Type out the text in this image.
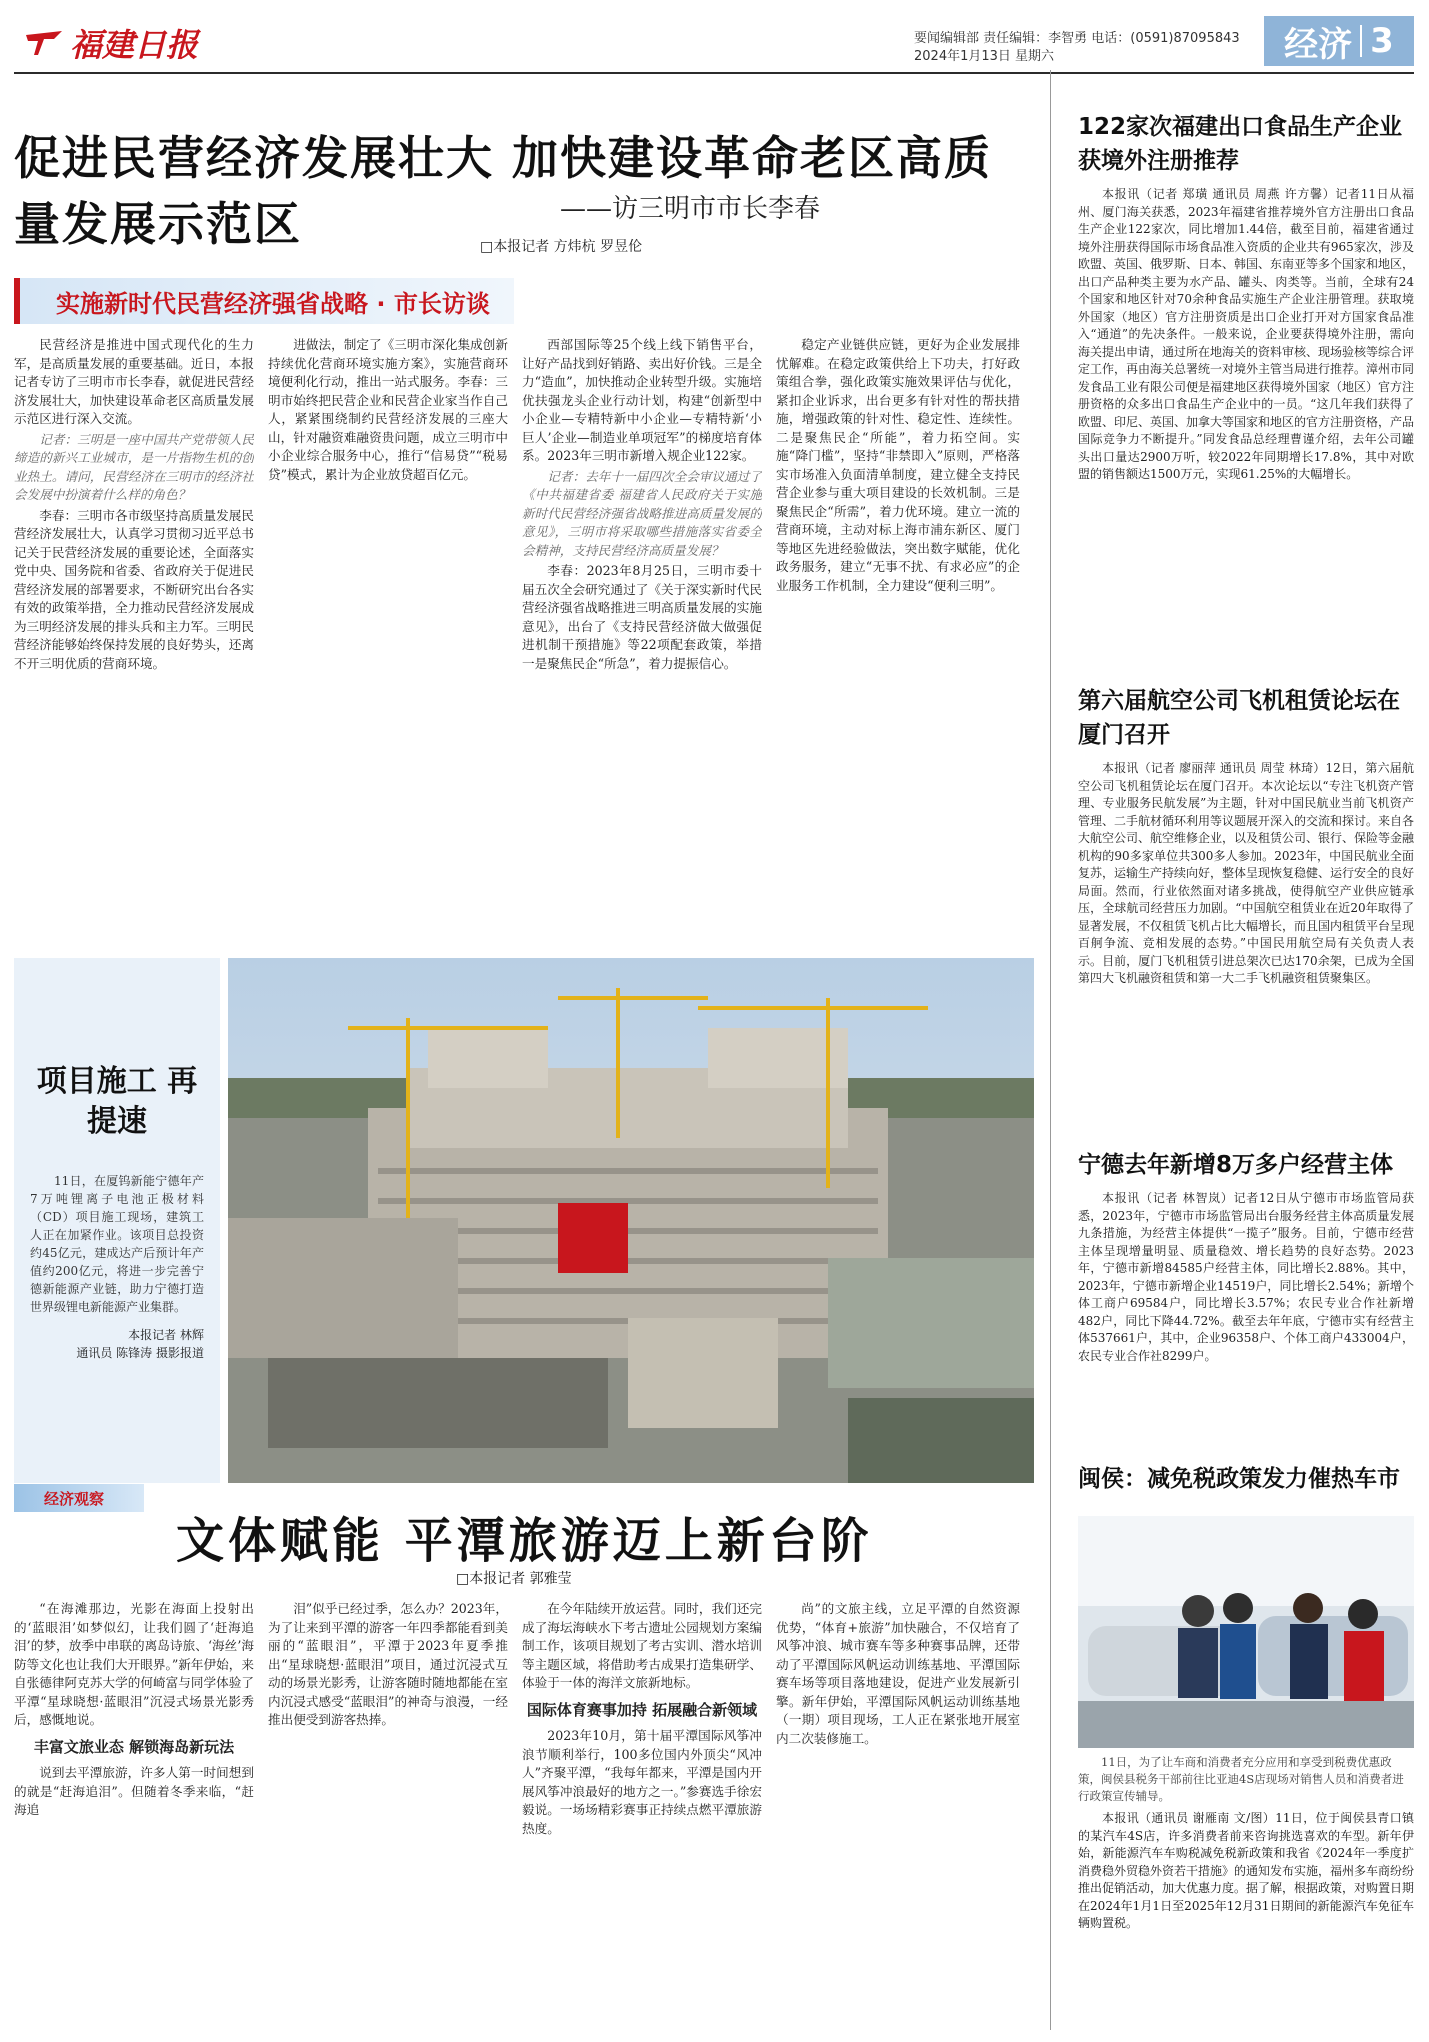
福建日报	要闻编辑部 责任编辑：李智勇 电话：(0591)87095843
2024年1月13日 星期六	经济 3
促进民营经济发展壮大 加快建设革命老区高质量发展示范区	——访三明市市长李春
□本报记者 方炜杭 罗昱伦
实施新时代民营经济强省战略 · 市长访谈

民营经济是推进中国式现代化的生力军，是高质量发展的重要基础。近日，本报记者专访了三明市市长李春，就促进民营经济发展壮大，加快建设革命老区高质量发展示范区进行深入交流。

记者：三明是一座中国共产党带领人民缔造的新兴工业城市，是一片指物生机的创业热土。请问，民营经济在三明市的经济社会发展中扮演着什么样的角色？

李春：三明市各市级坚持高质量发展民营经济发展壮大，认真学习贯彻习近平总书记关于民营经济发展的重要论述，全面落实党中央、国务院和省委、省政府关于促进民营经济发展的部署要求，不断研究出台各实有效的政策举措，全力推动民营经济发展成为三明经济发展的排头兵和主力军。三明民营经济能够始终保持发展的良好势头，还离不开三明优质的营商环境。

进做法，制定了《三明市深化集成创新持续优化营商环境实施方案》，实施营商环境便利化行动，推出一站式服务。李春：三明市始终把民营企业和民营企业家当作自己人，紧紧围绕制约民营经济发展的三座大山，针对融资难融资贵问题，成立三明市中小企业综合服务中心，推行“信易贷”“税易贷”模式，累计为企业放贷超百亿元。

西部国际等25个线上线下销售平台，让好产品找到好销路、卖出好价钱。三是全力“造血”，加快推动企业转型升级。实施培优扶强龙头企业行动计划，构建“创新型中小企业—专精特新中小企业—专精特新‘小巨人’企业—制造业单项冠军”的梯度培育体系。2023年三明市新增入规企业122家。

记者：去年十一届四次全会审议通过了《中共福建省委 福建省人民政府关于实施新时代民营经济强省战略推进高质量发展的意见》，三明市将采取哪些措施落实省委全会精神，支持民营经济高质量发展？

李春：2023年8月25日，三明市委十届五次全会研究通过了《关于深实新时代民营经济强省战略推进三明高质量发展的实施意见》，出台了《支持民营经济做大做强促进机制干预措施》等22项配套政策，举措一是聚焦民企“所急”，着力提振信心。

稳定产业链供应链，更好为企业发展排忧解难。在稳定政策供给上下功夫，打好政策组合拳，强化政策实施效果评估与优化，紧扣企业诉求，出台更多有针对性的帮扶措施，增强政策的针对性、稳定性、连续性。二是聚焦民企“所能”，着力拓空间。实施“降门槛”，坚持“非禁即入”原则，严格落实市场准入负面清单制度，建立健全支持民营企业参与重大项目建设的长效机制。三是聚焦民企“所需”，着力优环境。建立一流的营商环境，主动对标上海市浦东新区、厦门等地区先进经验做法，突出数字赋能，优化政务服务，建立“无事不扰、有求必应”的企业服务工作机制，全力建设“便利三明”。

项目施工 再提速
11日，在厦钨新能宁德年产7万吨锂离子电池正极材料（CD）项目施工现场，建筑工人正在加紧作业。该项目总投资约45亿元，建成达产后预计年产值约200亿元，将进一步完善宁德新能源产业链，助力宁德打造世界级锂电新能源产业集群。
本报记者 林辉
通讯员 陈锋涛 摄影报道
经济观察
文体赋能 平潭旅游迈上新台阶
□本报记者 郭雅莹

“在海滩那边，光影在海面上投射出的‘蓝眼泪’如梦似幻，让我们圆了‘赶海追泪’的梦，放季中串联的离岛诗旅、‘海丝’海防等文化也让我们大开眼界。”新年伊始，来自张德律阿克苏大学的何崎富与同学体验了平潭“星球晓想·蓝眼泪”沉浸式场景光影秀后，感慨地说。

丰富文旅业态 解锁海岛新玩法

说到去平潭旅游，许多人第一时间想到的就是“赶海追泪”。但随着冬季来临，“赶海追

泪”似乎已经过季，怎么办？2023年，为了让来到平潭的游客一年四季都能看到美丽的“蓝眼泪”，平潭于2023年夏季推出“星球晓想·蓝眼泪”项目，通过沉浸式互动的场景光影秀，让游客随时随地都能在室内沉浸式感受“蓝眼泪”的神奇与浪漫，一经推出便受到游客热捧。

在今年陆续开放运营。同时，我们还完成了海坛海峡水下考古遗址公园规划方案编制工作，该项目规划了考古实训、潜水培训等主题区域，将借助考古成果打造集研学、体验于一体的海洋文旅新地标。

国际体育赛事加持 拓展融合新领域

2023年10月，第十届平潭国际风筝冲浪节顺利举行，100多位国内外顶尖“风冲人”齐聚平潭，“我每年都来，平潭是国内开展风筝冲浪最好的地方之一。”参赛选手徐宏毅说。一场场精彩赛事正持续点燃平潭旅游热度。

尚”的文旅主线，立足平潭的自然资源优势，“体育+旅游”加快融合，不仅培育了风筝冲浪、城市赛车等多种赛事品牌，还带动了平潭国际风帆运动训练基地、平潭国际赛车场等项目落地建设，促进产业发展新引擎。新年伊始，平潭国际风帆运动训练基地（一期）项目现场，工人正在紧张地开展室内二次装修施工。

122家次福建出口食品生产企业获境外注册推荐

本报讯（记者 郑璜 通讯员 周燕 许方馨）记者11日从福州、厦门海关获悉，2023年福建省推荐境外官方注册出口食品生产企业122家次，同比增加1.44倍，截至目前，福建省通过境外注册获得国际市场食品准入资质的企业共有965家次，涉及欧盟、英国、俄罗斯、日本、韩国、东南亚等多个国家和地区，出口产品种类主要为水产品、罐头、肉类等。当前，全球有24个国家和地区针对70余种食品实施生产企业注册管理。获取境外国家（地区）官方注册资质是出口企业打开对方国家食品准入“通道”的先决条件。一般来说，企业要获得境外注册，需向海关提出申请，通过所在地海关的资料审核、现场验核等综合评定工作，再由海关总署统一对境外主管当局进行推荐。漳州市同发食品工业有限公司便是福建地区获得境外国家（地区）官方注册资格的众多出口食品生产企业中的一员。“这几年我们获得了欧盟、印尼、英国、加拿大等国家和地区的官方注册资格，产品国际竞争力不断提升。”同发食品总经理曹谨介绍，去年公司罐头出口量达2900万听，较2022年同期增长17.8%，其中对欧盟的销售额达1500万元，实现61.25%的大幅增长。

第六届航空公司飞机租赁论坛在厦门召开

本报讯（记者 廖丽萍 通讯员 周莹 林琦）12日，第六届航空公司飞机租赁论坛在厦门召开。本次论坛以“专注飞机资产管理、专业服务民航发展”为主题，针对中国民航业当前飞机资产管理、二手航材循环利用等议题展开深入的交流和探讨。来自各大航空公司、航空维修企业，以及租赁公司、银行、保险等金融机构的90多家单位共300多人参加。2023年，中国民航业全面复苏，运输生产持续向好，整体呈现恢复稳健、运行安全的良好局面。然而，行业依然面对诸多挑战，使得航空产业供应链承压，全球航司经营压力加剧。“中国航空租赁业在近20年取得了显著发展，不仅租赁飞机占比大幅增长，而且国内租赁平台呈现百舸争流、竞相发展的态势。”中国民用航空局有关负责人表示。目前，厦门飞机租赁引进总架次已达170余架，已成为全国第四大飞机融资租赁和第一大二手飞机融资租赁聚集区。

宁德去年新增8万多户经营主体

本报讯（记者 林智岚）记者12日从宁德市市场监管局获悉，2023年，宁德市市场监管局出台服务经营主体高质量发展九条措施，为经营主体提供“一揽子”服务。目前，宁德市经营主体呈现增量明显、质量稳效、增长趋势的良好态势。2023年，宁德市新增84585户经营主体，同比增长2.88%。其中，2023年，宁德市新增企业14519户，同比增长2.54%；新增个体工商户69584户，同比增长3.57%；农民专业合作社新增482户，同比下降44.72%。截至去年年底，宁德市实有经营主体537661户，其中，企业96358户、个体工商户433004户，农民专业合作社8299户。

闽侯：减免税政策发力催热车市
11日，为了让车商和消费者充分应用和享受到税费优惠政策，闽侯县税务干部前往比亚迪4S店现场对销售人员和消费者进行政策宣传辅导。

本报讯（通讯员 谢雁南 文/图）11日，位于闽侯县青口镇的某汽车4S店，许多消费者前来咨询挑选喜欢的车型。新年伊始，新能源汽车车购税减免税新政策和我省《2024年一季度扩消费稳外贸稳外资若干措施》的通知发布实施，福州多车商纷纷推出促销活动，加大优惠力度。据了解，根据政策，对购置日期在2024年1月1日至2025年12月31日期间的新能源汽车免征车辆购置税。
